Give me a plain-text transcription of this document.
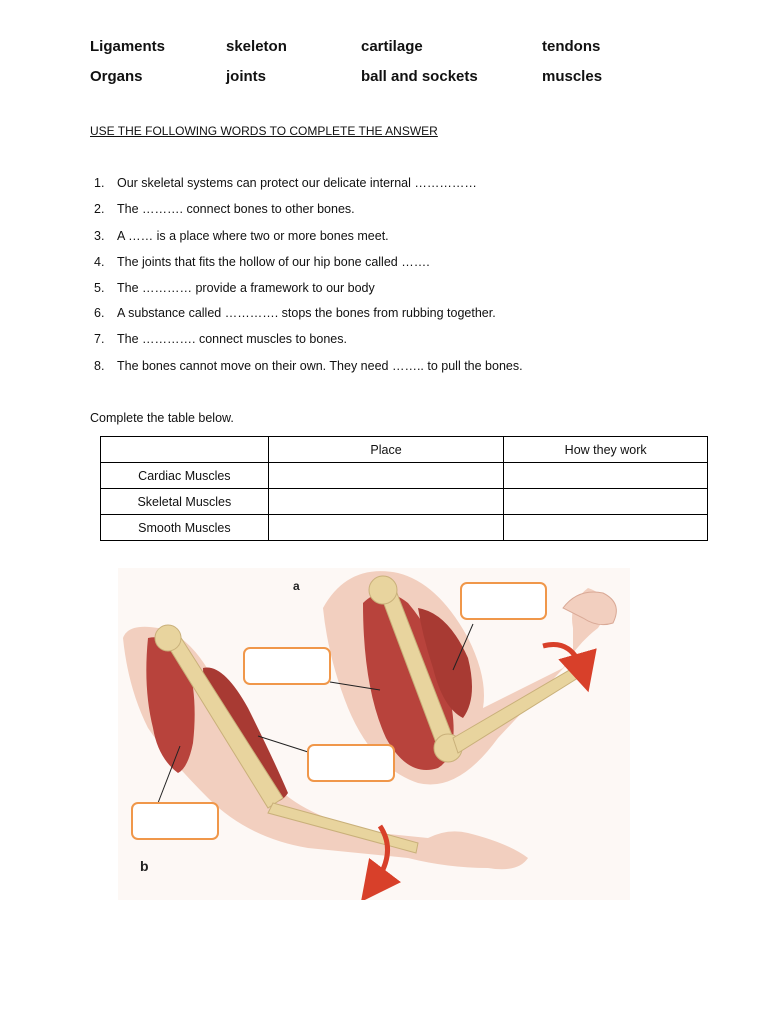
Ligaments	skeleton	cartilage	tendons
Organs	joints	ball and sockets	muscles
USE THE FOLLOWING WORDS TO COMPLETE THE ANSWER
1. Our skeletal systems can protect our delicate internal ……………
2. The ………. connect bones to other bones.
3. A …… is a place where two or more bones meet.
4. The joints that fits the hollow of our hip bone called …….
5. The ………… provide a framework to our body
6. A substance called …………. stops the bones from rubbing together.
7. The …………. connect muscles to bones.
8. The bones cannot move on their own. They need …….. to pull the bones.
Complete the table below.
	Place	How they work
Cardiac Muscles		
Skeletal Muscles		
Smooth Muscles		
a
b
